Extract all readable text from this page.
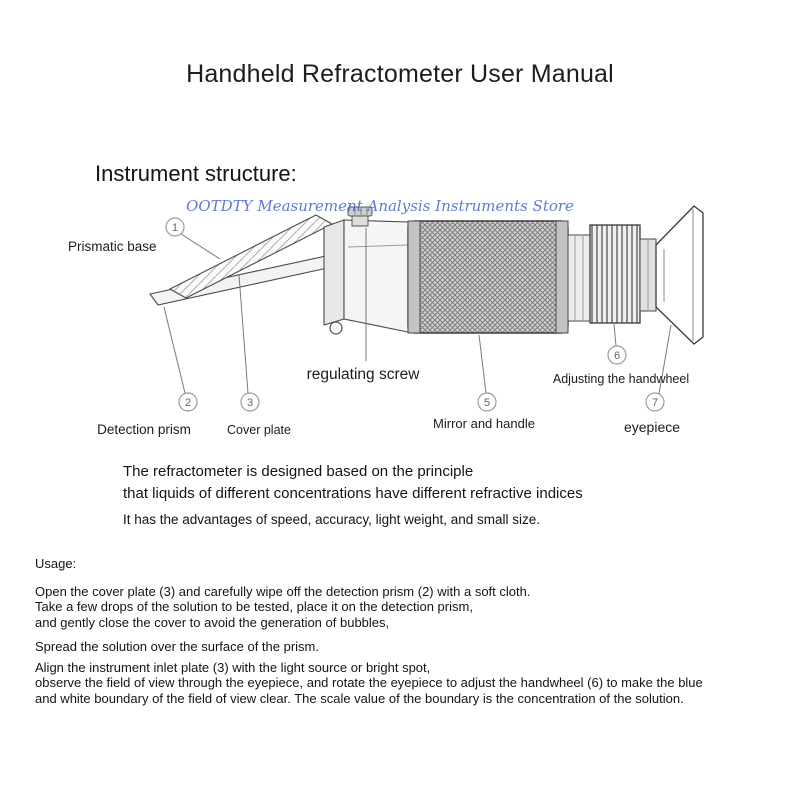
Handheld Refractometer User Manual
Instrument structure:
1
2	3	5
6
7
Prismatic base
Detection prism	Cover plate
regulating screw
Mirror and handle
Adjusting the handwheel
eyepiece
OOTDTY Measurement Analysis Instruments Store
The refractometer is designed based on the principle
that liquids of different concentrations have different refractive indices
It has the advantages of speed, accuracy, light weight, and small size.
Usage:
Open the cover plate (3) and carefully wipe off the detection prism (2) with a soft cloth.
Take a few drops of the solution to be tested, place it on the detection prism,
and gently close the cover to avoid the generation of bubbles,
Spread the solution over the surface of the prism.
Align the instrument inlet plate (3) with the light source or bright spot,
observe the field of view through the eyepiece, and rotate the eyepiece to adjust the handwheel (6) to make the blue
and white boundary of the field of view clear. The scale value of the boundary is the concentration of the solution.
